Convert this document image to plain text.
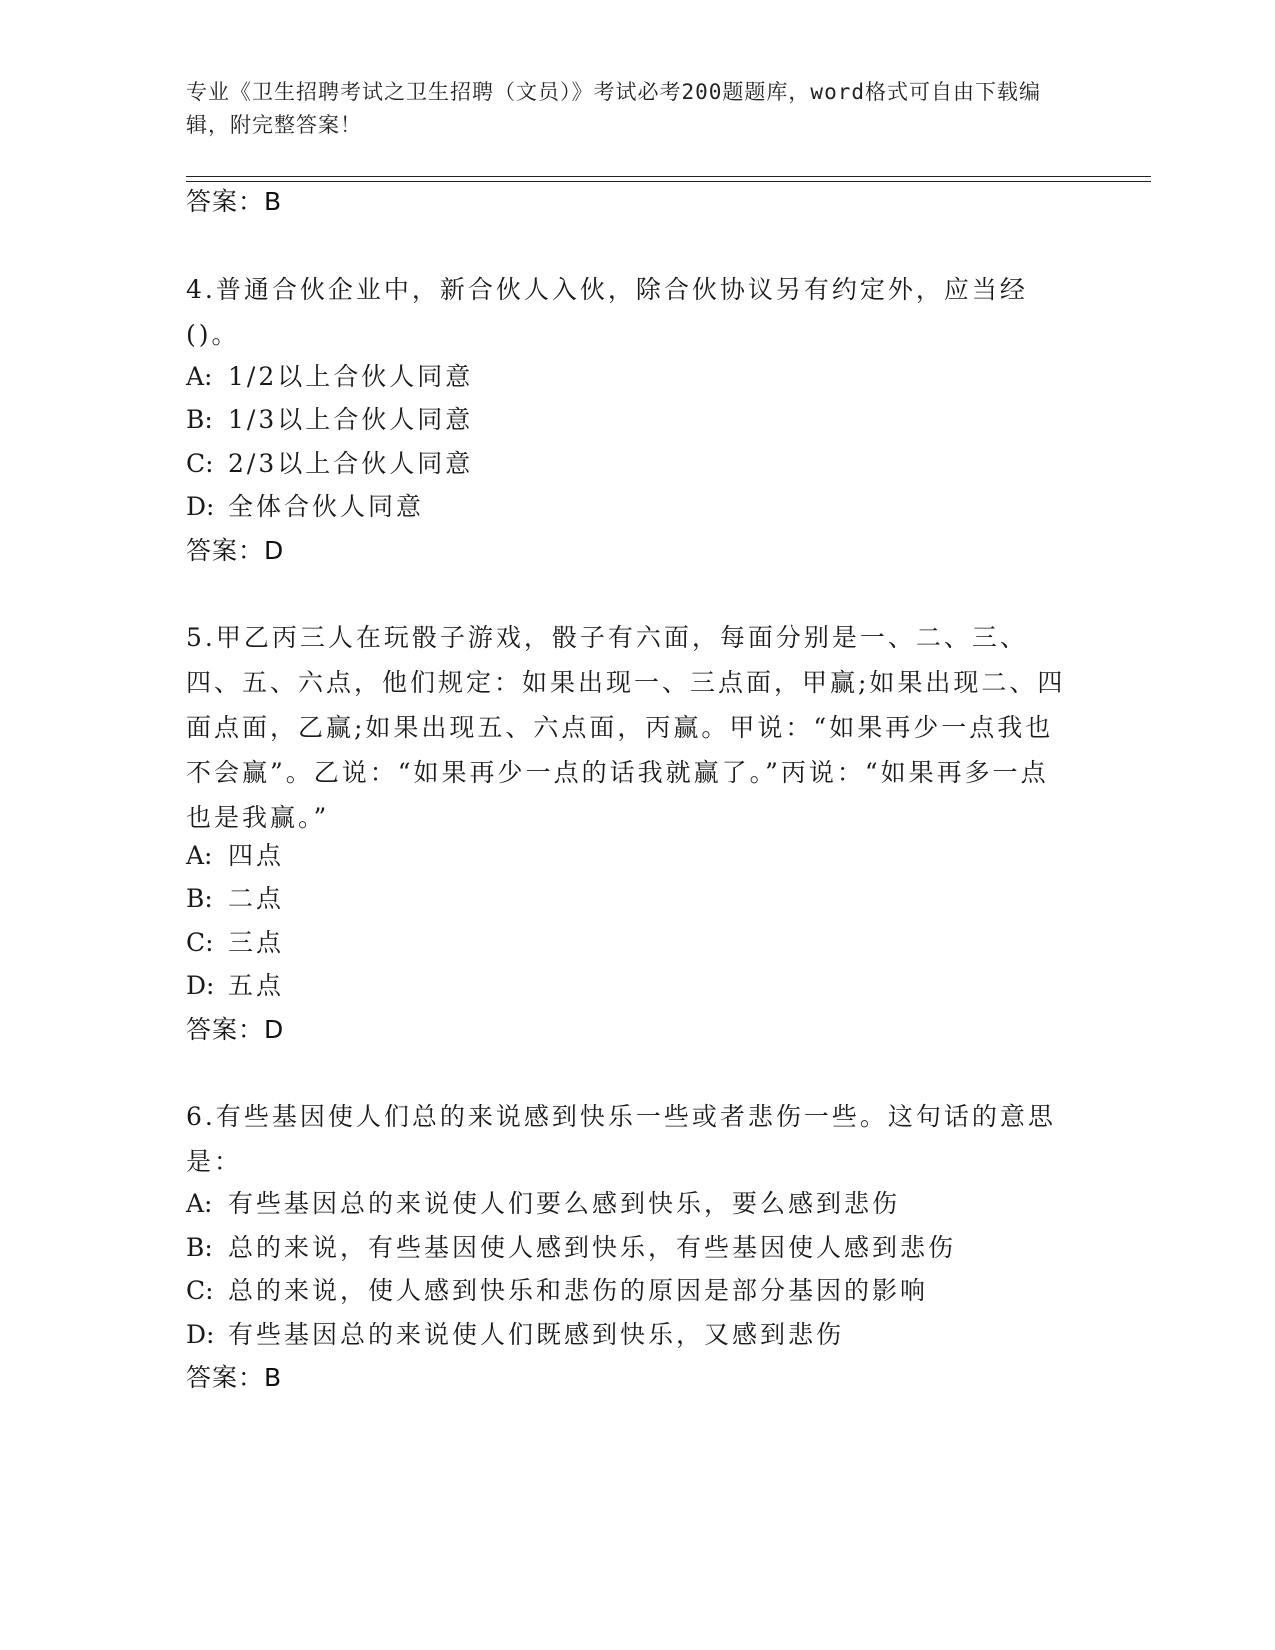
专业《卫生招聘考试之卫生招聘（文员）》考试必考200题题库，word格式可自由下载编辑，附完整答案！
答案：B
4.普通合伙企业中，新合伙人入伙，除合伙协议另有约定外，应当经()。
A: 1/2以上合伙人同意
B: 1/3以上合伙人同意
C: 2/3以上合伙人同意
D: 全体合伙人同意
答案：D
5.甲乙丙三人在玩骰子游戏，骰子有六面，每面分别是一、二、三、四、五、六点，他们规定：如果出现一、三点面，甲赢;如果出现二、四面点面，乙赢;如果出现五、六点面，丙赢。甲说：“如果再少一点我也不会赢”。乙说：“如果再少一点的话我就赢了。”丙说：“如果再多一点也是我赢。”
A: 四点
B: 二点
C: 三点
D: 五点
答案：D
6.有些基因使人们总的来说感到快乐一些或者悲伤一些。这句话的意思是：
A: 有些基因总的来说使人们要么感到快乐，要么感到悲伤
B: 总的来说，有些基因使人感到快乐，有些基因使人感到悲伤
C: 总的来说，使人感到快乐和悲伤的原因是部分基因的影响
D: 有些基因总的来说使人们既感到快乐，又感到悲伤
答案：B
